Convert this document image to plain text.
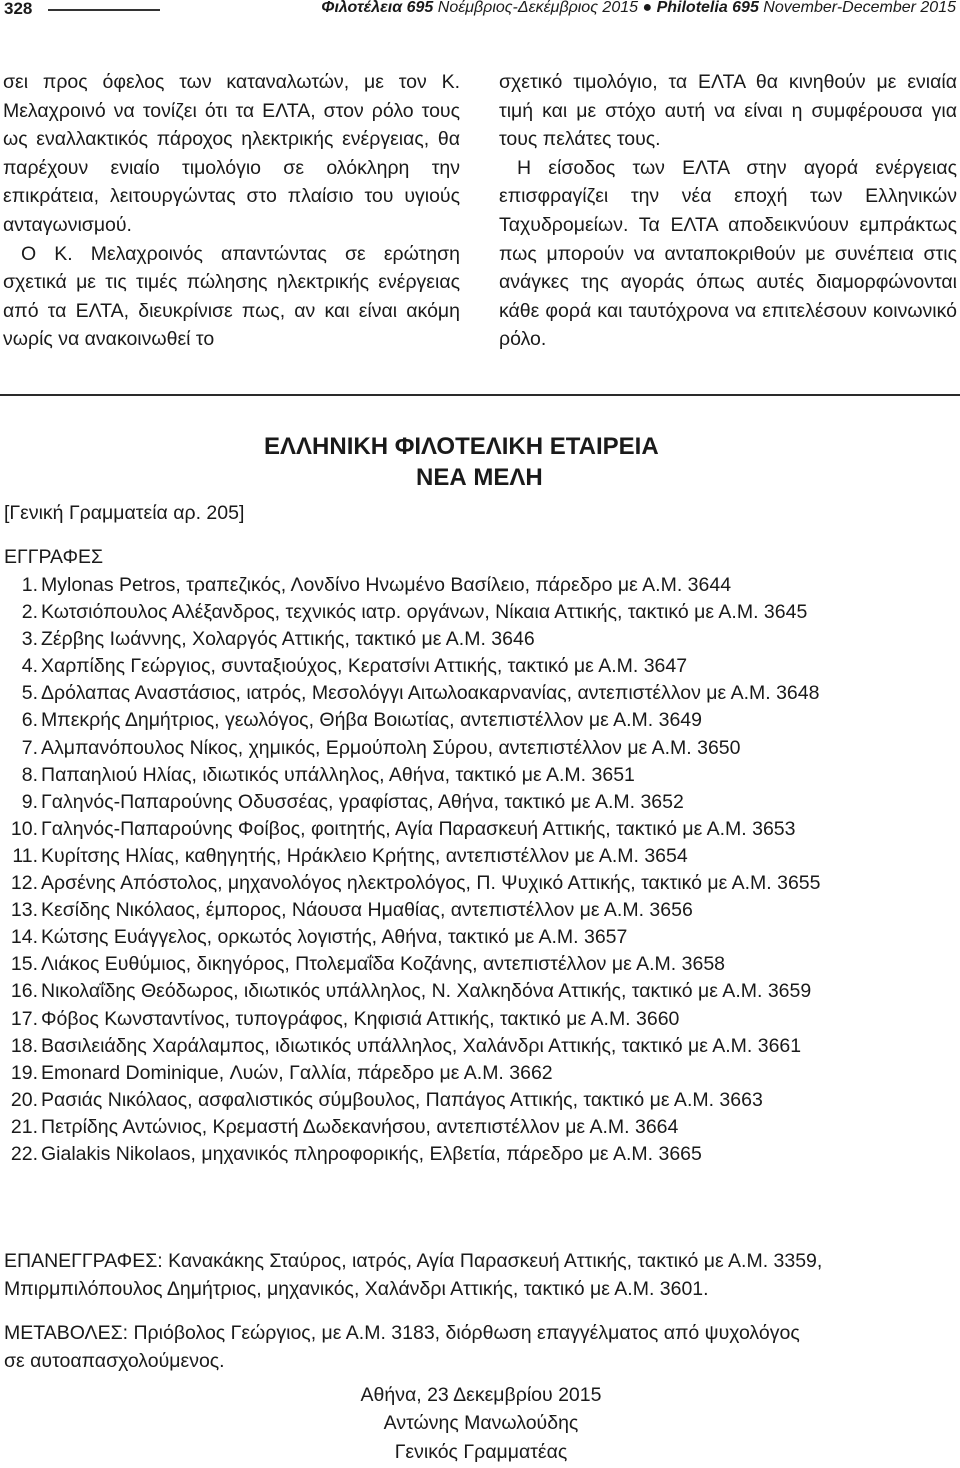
328	Φιλοτέλεια 695 Νοέμβριος-Δεκέμβριος 2015 ● Philotelia 695 November-December 2015

σει προς όφελος των καταναλωτών, με τον Κ. Μελαχροινό να τονίζει ότι τα ΕΛΤΑ, στον ρόλο τους ως εναλλακτικός πάροχος ηλεκτρικής ενέργειας, θα παρέχουν ενιαίο τιμολόγιο σε ολόκληρη την επικράτεια, λειτουργώντας στο πλαίσιο του υγιούς ανταγωνισμού.

Ο Κ. Μελαχροινός απαντώντας σε ερώτηση σχετικά με τις τιμές πώλησης ηλεκτρικής ενέργειας από τα ΕΛΤΑ, διευκρίνισε πως, αν και είναι ακόμη νωρίς να ανακοινωθεί το

σχετικό τιμολόγιο, τα ΕΛΤΑ θα κινηθούν με ενιαία τιμή και με στόχο αυτή να είναι η συμφέρουσα για τους πελάτες τους.

Η είσοδος των ΕΛΤΑ στην αγορά ενέργειας επισφραγίζει την νέα εποχή των Ελληνικών Ταχυδρομείων. Τα ΕΛΤΑ αποδεικνύουν εμπράκτως πως μπορούν να ανταποκριθούν με συνέπεια στις ανάγκες της αγοράς όπως αυτές διαμορφώνονται κάθε φορά και ταυτόχρονα να επιτελέσουν κοινωνικό ρόλο.

ΕΛΛΗΝΙΚΗ ΦΙΛΟΤΕΛΙΚΗ ΕΤΑΙΡΕΙΑ
ΝΕΑ ΜΕΛΗ
[Γενική Γραμματεία αρ. 205]
ΕΓΓΡΑΦΕΣ
1. Mylonas Petros, τραπεζικός, Λονδίνο Ηνωμένο Βασίλειο, πάρεδρο με Α.Μ. 3644
2. Κωτσιόπουλος Αλέξανδρος, τεχνικός ιατρ. οργάνων, Νίκαια Αττικής, τακτικό με Α.Μ. 3645
3. Ζέρβης Ιωάννης, Χολαργός Αττικής, τακτικό με Α.Μ. 3646
4. Χαρπίδης Γεώργιος, συνταξιούχος, Κερατσίνι Αττικής, τακτικό με Α.Μ. 3647
5. Δρόλαπας Αναστάσιος, ιατρός, Μεσολόγγι Αιτωλοακαρνανίας, αντεπιστέλλον με Α.Μ. 3648
6. Μπεκρής Δημήτριος, γεωλόγος, Θήβα Βοιωτίας, αντεπιστέλλον με Α.Μ. 3649
7. Αλμπανόπουλος Νίκος, χημικός, Ερμούπολη Σύρου, αντεπιστέλλον με Α.Μ. 3650
8. Παπαηλιού Ηλίας, ιδιωτικός υπάλληλος, Αθήνα, τακτικό με Α.Μ. 3651
9. Γαληνός-Παπαρούνης Οδυσσέας, γραφίστας, Αθήνα, τακτικό με Α.Μ. 3652
10. Γαληνός-Παπαρούνης Φοίβος, φοιτητής, Αγία Παρασκευή Αττικής, τακτικό με Α.Μ. 3653
11. Κυρίτσης Ηλίας, καθηγητής, Ηράκλειο Κρήτης, αντεπιστέλλον με Α.Μ. 3654
12. Αρσένης Απόστολος, μηχανολόγος ηλεκτρολόγος, Π. Ψυχικό Αττικής, τακτικό με Α.Μ. 3655
13. Κεσίδης Νικόλαος, έμπορος, Νάουσα Ημαθίας, αντεπιστέλλον με Α.Μ. 3656
14. Κώτσης Ευάγγελος, ορκωτός λογιστής, Αθήνα, τακτικό με Α.Μ. 3657
15. Λιάκος Ευθύμιος, δικηγόρος, Πτολεμαΐδα Κοζάνης, αντεπιστέλλον με Α.Μ. 3658
16. Νικολαΐδης Θεόδωρος, ιδιωτικός υπάλληλος, Ν. Χαλκηδόνα Αττικής, τακτικό με Α.Μ. 3659
17. Φόβος Κωνσταντίνος, τυπογράφος, Κηφισιά Αττικής, τακτικό με Α.Μ. 3660
18. Βασιλειάδης Χαράλαμπος, ιδιωτικός υπάλληλος, Χαλάνδρι Αττικής, τακτικό με Α.Μ. 3661
19. Emonard Dominique, Λυών, Γαλλία, πάρεδρο με Α.Μ. 3662
20. Ρασιάς Νικόλαος, ασφαλιστικός σύμβουλος, Παπάγος Αττικής, τακτικό με Α.Μ. 3663
21. Πετρίδης Αντώνιος, Κρεμαστή Δωδεκανήσου, αντεπιστέλλον με Α.Μ. 3664
22. Gialakis Nikolaos, μηχανικός πληροφορικής, Ελβετία, πάρεδρο με Α.Μ. 3665
ΕΠΑΝΕΓΓΡΑΦΕΣ: Κανακάκης Σταύρος, ιατρός, Αγία Παρασκευή Αττικής, τακτικό με Α.Μ. 3359,
Μπιρμπιλόπουλος Δημήτριος, μηχανικός, Χαλάνδρι Αττικής, τακτικό με Α.Μ. 3601.
ΜΕΤΑΒΟΛΕΣ: Πριόβολος Γεώργιος, με Α.Μ. 3183, διόρθωση επαγγέλματος από ψυχολόγος
σε αυτοαπασχολούμενος.
Αθήνα, 23 Δεκεμβρίου 2015
Αντώνης Μανωλούδης
Γενικός Γραμματέας
